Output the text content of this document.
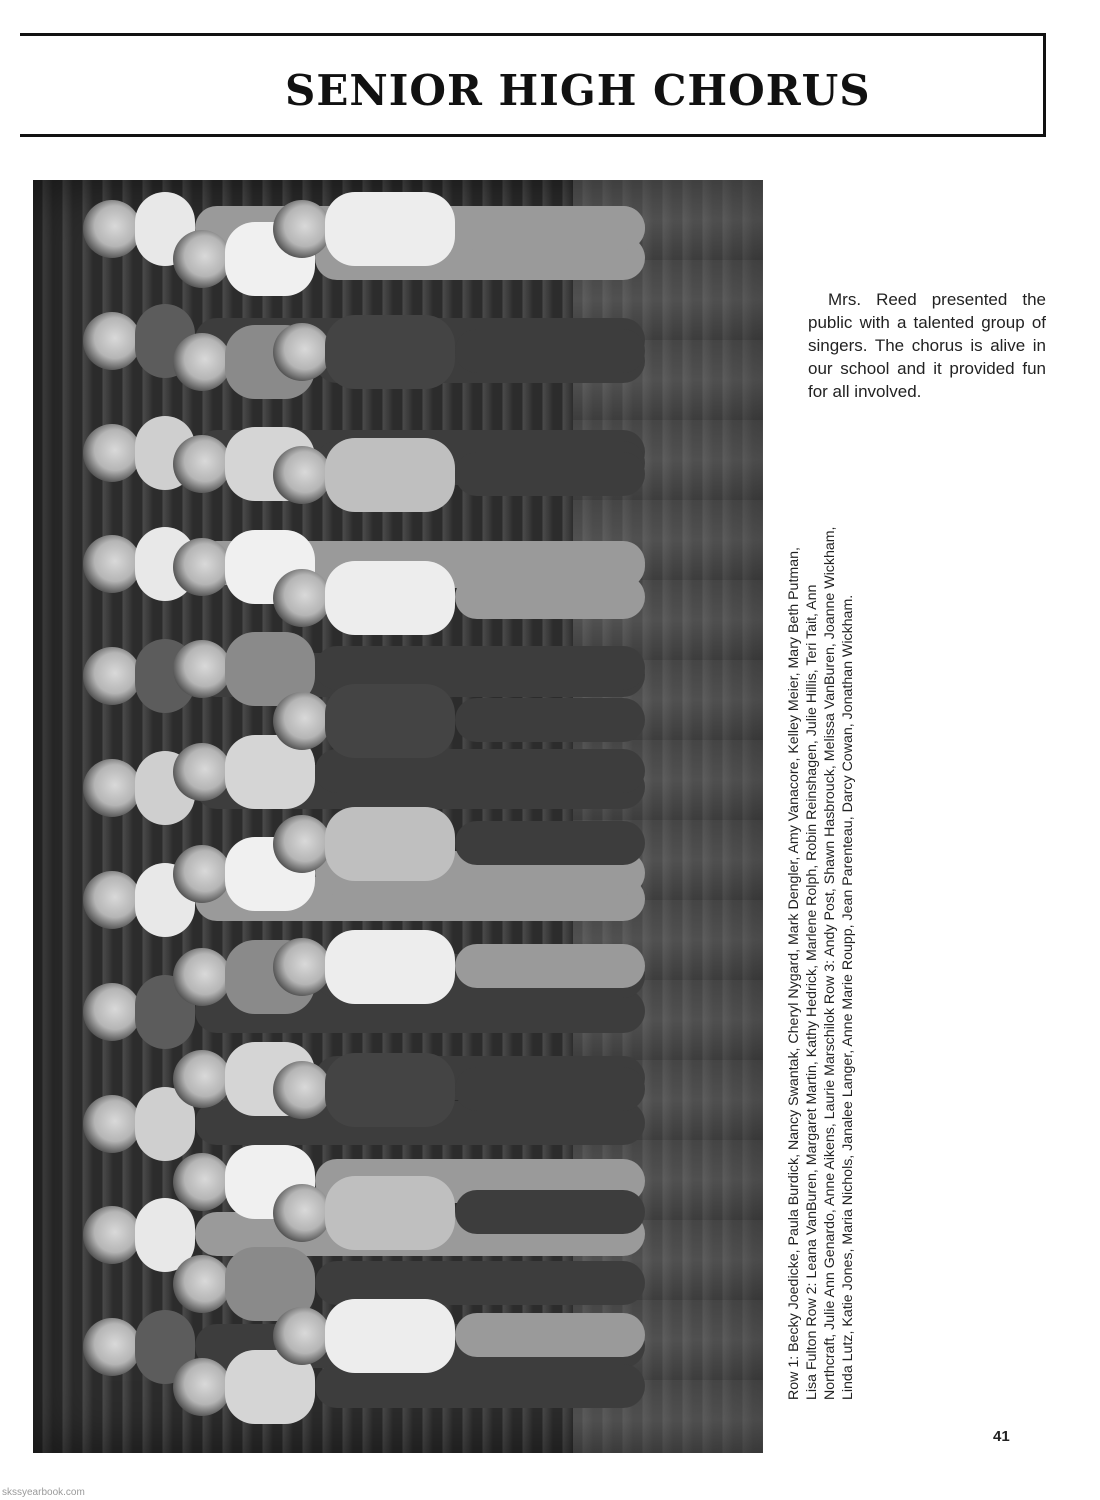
SENIOR HIGH CHORUS
Mrs. Reed presented the public with a talented group of singers. The chorus is alive in our school and it provided fun for all involved.
Row 1: Becky Joedicke, Paula Burdick, Nancy Swantak, Cheryl Nygard, Mark Dengler, Amy Vanacore, Kelley Meier, Mary Beth Putman, Lisa Fulton Row 2: Leana VanBuren, Margaret Martin, Kathy Hedrick, Marlene Rolph, Robin Reinshagen, Julie Hillis, Teri Tait, Ann Northcraft, Julie Ann Genardo, Anne Aikens, Laurie Marschilok Row 3: Andy Post, Shawn Hasbrouck, Melissa VanBuren, Joanne Wickham, Linda Lutz, Katie Jones, Maria Nichols, Janalee Langer, Anne Marie Roupp, Jean Parenteau, Darcy Cowan, Jonathan Wickham.
41
skssyearbook.com
